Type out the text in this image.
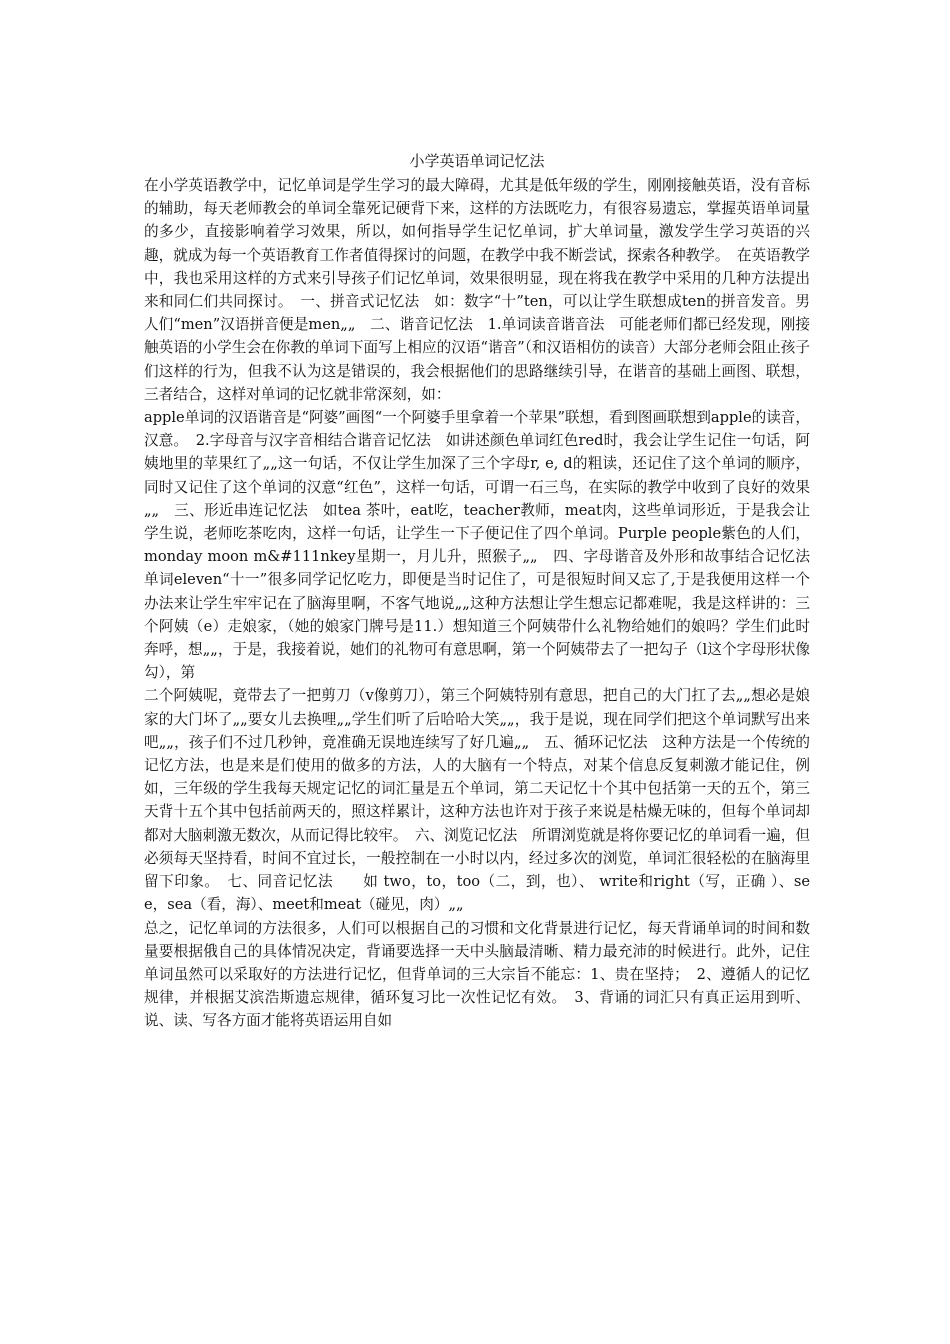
小学英语单词记忆法

在小学英语教学中，记忆单词是学生学习的最大障碍，尤其是低年级的学生，刚刚接触英语，没有音标的辅助，每天老师教会的单词全靠死记硬背下来，这样的方法既吃力，有很容易遗忘，掌握英语单词量的多少，直接影响着学习效果，所以，如何指导学生记忆单词，扩大单词量，激发学生学习英语的兴趣，就成为每一个英语教育工作者值得探讨的问题，在教学中我不断尝试，探索各种教学。　在英语教学中，我也采用这样的方式来引导孩子们记忆单词，效果很明显，现在将我在教学中采用的几种方法提出来和同仁们共同探讨。　一、拼音式记忆法　如：数字“十”ten，可以让学生联想成ten的拼音发音。男人们“men”汉语拼音便是men„„　二、谐音记忆法　1.单词读音谐音法　可能老师们都已经发现，刚接触英语的小学生会在你教的单词下面写上相应的汉语“谐音”（和汉语相仿的读音）大部分老师会阻止孩子们这样的行为，但我不认为这是错误的，我会根据他们的思路继续引导，在谐音的基础上画图、联想，三者结合，这样对单词的记忆就非常深刻，如：

apple单词的汉语谐音是“阿婆”画图“一个阿婆手里拿着一个苹果”联想，看到图画联想到apple的读音，汉意。　2.字母音与汉字音相结合谐音记忆法　如讲述颜色单词红色red时，我会让学生记住一句话，阿姨地里的苹果红了„„这一句话，不仅让学生加深了三个字母r, e, d的粗读，还记住了这个单词的顺序，同时又记住了这个单词的汉意“红色”，这样一句话，可谓一石三鸟，在实际的教学中收到了良好的效果„„　三、形近串连记忆法　如tea 茶叶，eat吃，teacher教师，meat肉，这些单词形近，于是我会让学生说，老师吃茶吃肉，这样一句话，让学生一下子便记住了四个单词。Purple people紫色的人们，monday moon m&#111nkey星期一，月儿升，照猴子„„　四、字母谐音及外形和故事结合记忆法　单词eleven“十一”很多同学记忆吃力，即便是当时记住了，可是很短时间又忘了,于是我便用这样一个办法来让学生牢牢记在了脑海里啊，不客气地说„„这种方法想让学生想忘记都难呢，我是这样讲的：三个阿姨（e）走娘家，（她的娘家门牌号是11.）想知道三个阿姨带什么礼物给她们的娘吗？学生们此时奔呼，想„„，于是，我接着说，她们的礼物可有意思啊，第一个阿姨带去了一把勾子（l这个字母形状像勾），第

二个阿姨呢，竟带去了一把剪刀（v像剪刀），第三个阿姨特别有意思，把自己的大门扛了去„„想必是娘家的大门坏了„„要女儿去换哩„„学生们听了后哈哈大笑„„，我于是说，现在同学们把这个单词默写出来吧„„，孩子们不过几秒钟，竟准确无误地连续写了好几遍„„　五、循环记忆法　这种方法是一个传统的记忆方法，也是来是们使用的做多的方法，人的大脑有一个特点，对某个信息反复刺激才能记住，例如，三年级的学生我每天规定记忆的词汇量是五个单词，第二天记忆十个其中包括第一天的五个，第三天背十五个其中包括前两天的，照这样累计，这种方法也许对于孩子来说是枯燥无味的，但每个单词却都对大脑刺激无数次，从而记得比较牢。　六、浏览记忆法　所谓浏览就是将你要记忆的单词看一遍，但必须每天坚持看，时间不宜过长，一般控制在一小时以内，经过多次的浏览，单词汇很轻松的在脑海里留下印象。　七、同音记忆法　　如 two，to，too（二，到，也）、 write和right（写，正确 ）、see，sea（看，海）、meet和meat（碰见，肉）„„

总之，记忆单词的方法很多，人们可以根据自己的习惯和文化背景进行记忆，每天背诵单词的时间和数量要根据俄自己的具体情况决定，背诵要选择一天中头脑最清晰、精力最充沛的时候进行。此外，记住单词虽然可以采取好的方法进行记忆，但背单词的三大宗旨不能忘：1、贵在坚持；　2、遵循人的记忆规律，并根据艾滨浩斯遗忘规律，循环复习比一次性记忆有效。　3、背诵的词汇只有真正运用到听、说、读、写各方面才能将英语运用自如
